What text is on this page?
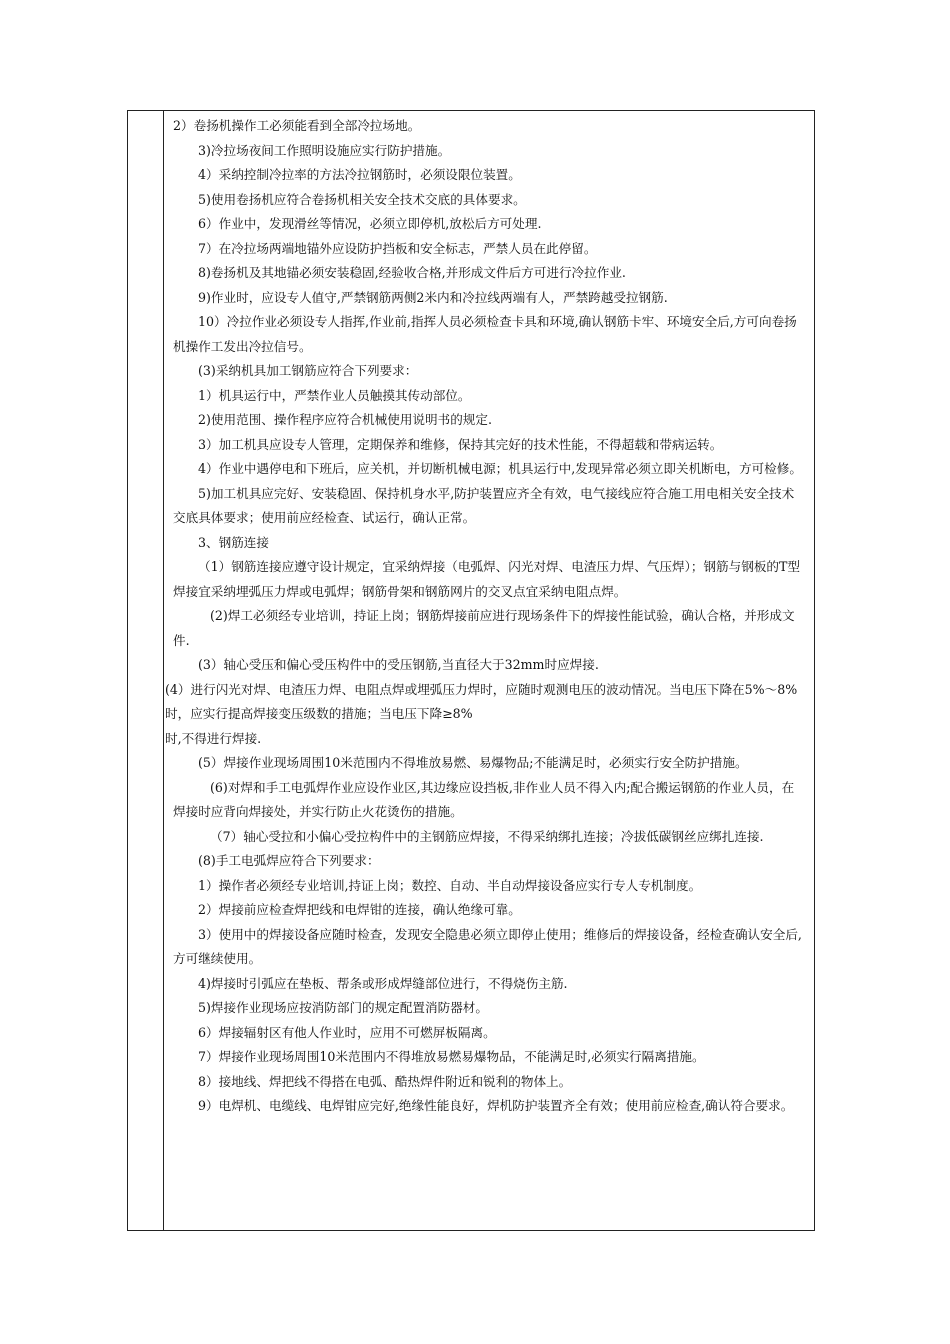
2）卷扬机操作工必须能看到全部冷拉场地。

3)冷拉场夜间工作照明设施应实行防护措施。

4）采纳控制冷拉率的方法冷拉钢筋时，必须设限位装置。

5)使用卷扬机应符合卷扬机相关安全技术交底的具体要求。

6）作业中，发现滑丝等情况，必须立即停机,放松后方可处理.

7）在冷拉场两端地锚外应设防护挡板和安全标志，严禁人员在此停留。

8)卷扬机及其地锚必须安装稳固,经验收合格,并形成文件后方可进行冷拉作业.

9)作业时，应设专人值守,严禁钢筋两侧2米内和冷拉线两端有人，严禁跨越受拉钢筋.

10）冷拉作业必须设专人指挥,作业前,指挥人员必须检查卡具和环境,确认钢筋卡牢、环境安全后,方可向卷扬机操作工发出冷拉信号。

(3)采纳机具加工钢筋应符合下列要求：

1）机具运行中，严禁作业人员触摸其传动部位。

2)使用范围、操作程序应符合机械使用说明书的规定.

3）加工机具应设专人管理，定期保养和维修，保持其完好的技术性能，不得超载和带病运转。

4）作业中遇停电和下班后，应关机，并切断机械电源；机具运行中,发现异常必须立即关机断电，方可检修。

5)加工机具应完好、安装稳固、保持机身水平,防护装置应齐全有效，电气接线应符合施工用电相关安全技术交底具体要求；使用前应经检查、试运行，确认正常。

3、钢筋连接

（1）钢筋连接应遵守设计规定，宜采纳焊接（电弧焊、闪光对焊、电渣压力焊、气压焊）；钢筋与钢板的T型焊接宜采纳埋弧压力焊或电弧焊；钢筋骨架和钢筋网片的交叉点宜采纳电阻点焊。

(2)焊工必须经专业培训，持证上岗；钢筋焊接前应进行现场条件下的焊接性能试验，确认合格，并形成文件.

(3）轴心受压和偏心受压构件中的受压钢筋,当直径大于32mm时应焊接.

(4）进行闪光对焊、电渣压力焊、电阻点焊或埋弧压力焊时，应随时观测电压的波动情况。当电压下降在5%～8%时，应实行提高焊接变压级数的措施；当电压下降≥8%

时,不得进行焊接.

(5）焊接作业现场周围10米范围内不得堆放易燃、易爆物品;不能满足时，必须实行安全防护措施。

(6)对焊和手工电弧焊作业应设作业区,其边缘应设挡板,非作业人员不得入内;配合搬运钢筋的作业人员，在焊接时应背向焊接处，并实行防止火花烫伤的措施。

（7）轴心受拉和小偏心受拉构件中的主钢筋应焊接，不得采纳绑扎连接；冷拔低碳钢丝应绑扎连接.

(8)手工电弧焊应符合下列要求：

1）操作者必须经专业培训,持证上岗；数控、自动、半自动焊接设备应实行专人专机制度。

2）焊接前应检查焊把线和电焊钳的连接，确认绝缘可靠。

3）使用中的焊接设备应随时检查，发现安全隐患必须立即停止使用；维修后的焊接设备，经检查确认安全后,方可继续使用。

4)焊接时引弧应在垫板、帮条或形成焊缝部位进行，不得烧伤主筋.

5)焊接作业现场应按消防部门的规定配置消防器材。

6）焊接辐射区有他人作业时，应用不可燃屏板隔离。

7）焊接作业现场周围10米范围内不得堆放易燃易爆物品，不能满足时,必须实行隔离措施。

8）接地线、焊把线不得搭在电弧、酷热焊件附近和锐利的物体上。

9）电焊机、电缆线、电焊钳应完好,绝缘性能良好，焊机防护装置齐全有效；使用前应检查,确认符合要求。
